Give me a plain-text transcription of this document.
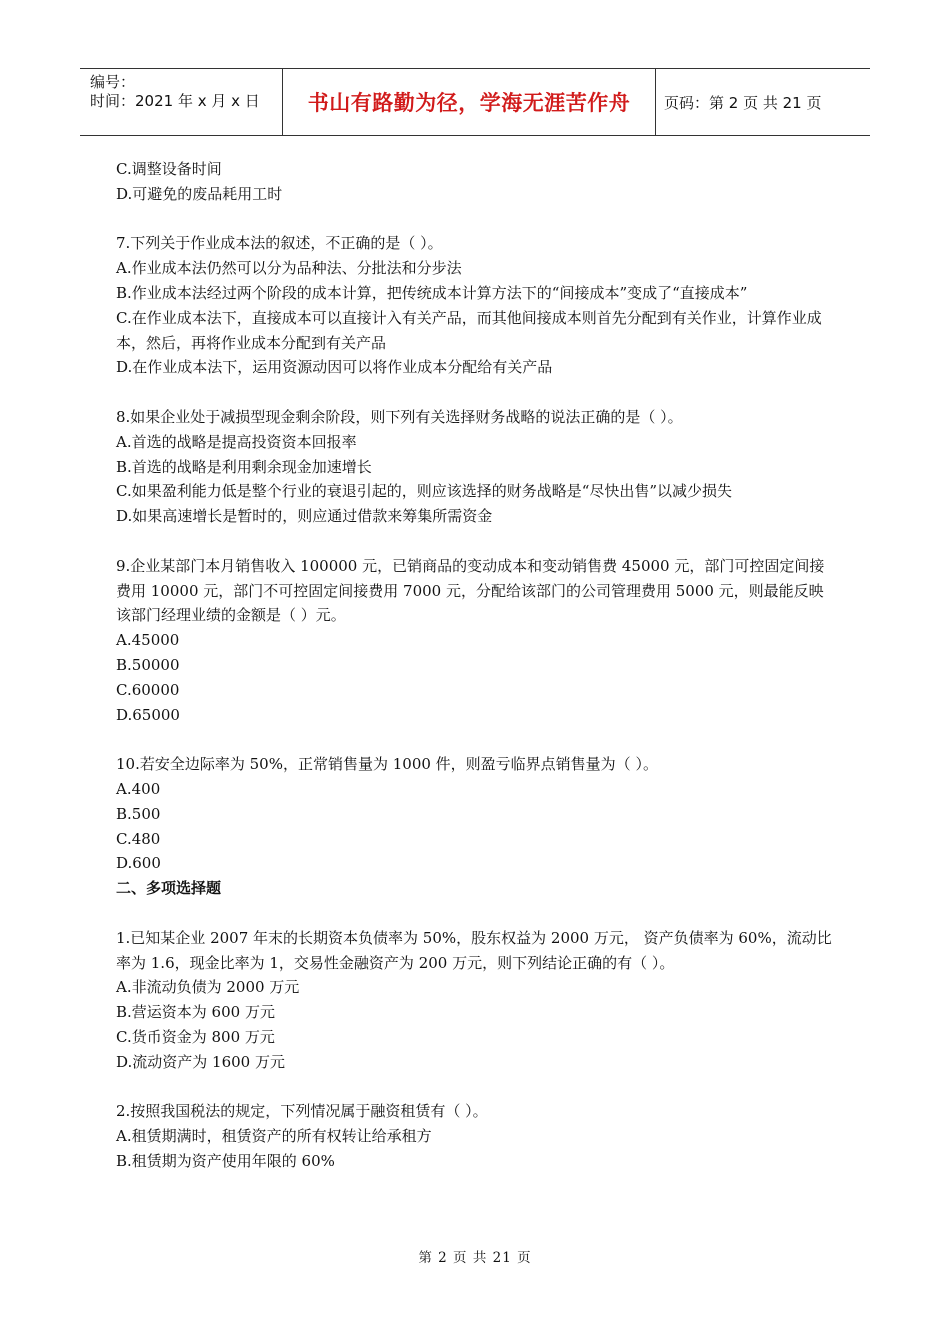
编号：
时间：2021 年 x 月 x 日	书山有路勤为径，学海无涯苦作舟	页码：第 2 页 共 21 页
C.调整设备时间
D.可避免的废品耗用工时
7.下列关于作业成本法的叙述，不正确的是（ ）。
A.作业成本法仍然可以分为品种法、分批法和分步法
B.作业成本法经过两个阶段的成本计算，把传统成本计算方法下的“间接成本”变成了“直接成本”
C.在作业成本法下，直接成本可以直接计入有关产品，而其他间接成本则首先分配到有关作业，计算作业成本，然后，再将作业成本分配到有关产品
D.在作业成本法下，运用资源动因可以将作业成本分配给有关产品
8.如果企业处于减损型现金剩余阶段，则下列有关选择财务战略的说法正确的是（ ）。
A.首选的战略是提高投资资本回报率
B.首选的战略是利用剩余现金加速增长
C.如果盈利能力低是整个行业的衰退引起的，则应该选择的财务战略是“尽快出售”以减少损失
D.如果高速增长是暂时的，则应通过借款来筹集所需资金
9.企业某部门本月销售收入 100000 元，已销商品的变动成本和变动销售费 45000 元，部门可控固定间接费用 10000 元，部门不可控固定间接费用 7000 元，分配给该部门的公司管理费用 5000 元，则最能反映该部门经理业绩的金额是（ ）元。
A.45000
B.50000
C.60000
D.65000
10.若安全边际率为 50%，正常销售量为 1000 件，则盈亏临界点销售量为（ ）。
A.400
B.500
C.480
D.600
二、多项选择题
1.已知某企业 2007 年末的长期资本负债率为 50%，股东权益为 2000 万元， 资产负债率为 60%，流动比率为 1.6，现金比率为 1，交易性金融资产为 200 万元，则下列结论正确的有（ ）。
A.非流动负债为 2000 万元
B.营运资本为 600 万元
C.货币资金为 800 万元
D.流动资产为 1600 万元
2.按照我国税法的规定，下列情况属于融资租赁有（ ）。
A.租赁期满时，租赁资产的所有权转让给承租方
B.租赁期为资产使用年限的 60%
第 2 页 共 21 页
